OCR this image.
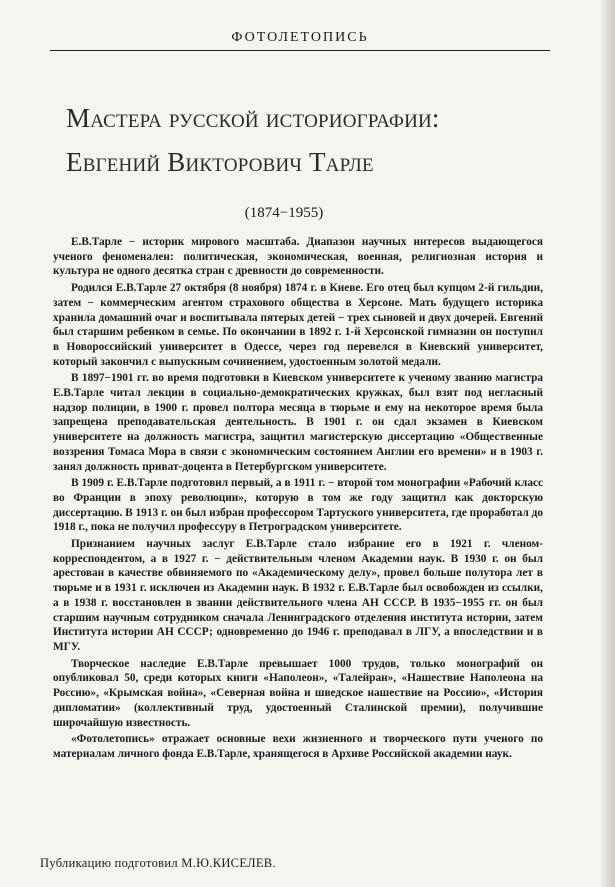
ФОТОЛЕТОПИСЬ
Мастера русской историографии:
Евгений Викторович Тарле
(1874−1955)

Е.В.Тарле − историк мирового масштаба. Диапазон научных интересов выдающегося ученого феноменален: политическая, экономическая, военная, религиозная история и культура не одного десятка стран с древности до современности.

Родился Е.В.Тарле 27 октября (8 ноября) 1874 г. в Киеве. Его отец был купцом 2-й гильдии, затем − коммерческим агентом страхового общества в Херсоне. Мать будущего историка хранила домашний очаг и воспитывала пятерых детей − трех сыновей и двух дочерей. Евгений был старшим ребенком в семье. По окончании в 1892 г. 1-й Херсонской гимназии он поступил в Новороссийский университет в Одессе, через год перевелся в Киевский университет, который закончил с выпускным сочинением, удостоенным золотой медали.

В 1897−1901 гг. во время подготовки в Киевском университете к ученому званию магистра Е.В.Тарле читал лекции в социально-демократических кружках, был взят под негласный надзор полиции, в 1900 г. провел полтора месяца в тюрьме и ему на некоторое время была запрещена преподавательская деятельность. В 1901 г. он сдал экзамен в Киевском университете на должность магистра, защитил магистерскую диссертацию «Общественные воззрения Томаса Мора в связи с экономическим состоянием Англии его времени» и в 1903 г. занял должность приват-доцента в Петербургском университете.

В 1909 г. Е.В.Тарле подготовил первый, а в 1911 г. − второй том монографии «Рабочий класс во Франции в эпоху революции», которую в том же году защитил как докторскую диссертацию. В 1913 г. он был избран профессором Тартуского университета, где проработал до 1918 г., пока не получил профессуру в Петроградском университете.

Признанием научных заслуг Е.В.Тарле стало избрание его в 1921 г. членом-корреспондентом, а в 1927 г. − действительным членом Академии наук. В 1930 г. он был арестован в качестве обвиняемого по «Академическому делу», провел больше полутора лет в тюрьме и в 1931 г. исключен из Академии наук. В 1932 г. Е.В.Тарле был освобожден из ссылки, а в 1938 г. восстановлен в звании действительного члена АН СССР. В 1935−1955 гг. он был старшим научным сотрудником сначала Ленинградского отделения института истории, затем Института истории АН СССР; одновременно до 1946 г. преподавал в ЛГУ, а впоследствии и в МГУ.

Творческое наследие Е.В.Тарле превышает 1000 трудов, только монографий он опубликовал 50, среди которых книги «Наполеон», «Талейран», «Нашествие Наполеона на Россию», «Крымская война», «Северная война и шведское нашествие на Россию», «История дипломатии» (коллективный труд, удостоенный Сталинской премии), получившие широчайшую известность.

«Фотолетопись» отражает основные вехи жизненного и творческого пути ученого по материалам личного фонда Е.В.Тарле, хранящегося в Архиве Российской академии наук.

Публикацию подготовил М.Ю.КИСЕЛЕВ.
